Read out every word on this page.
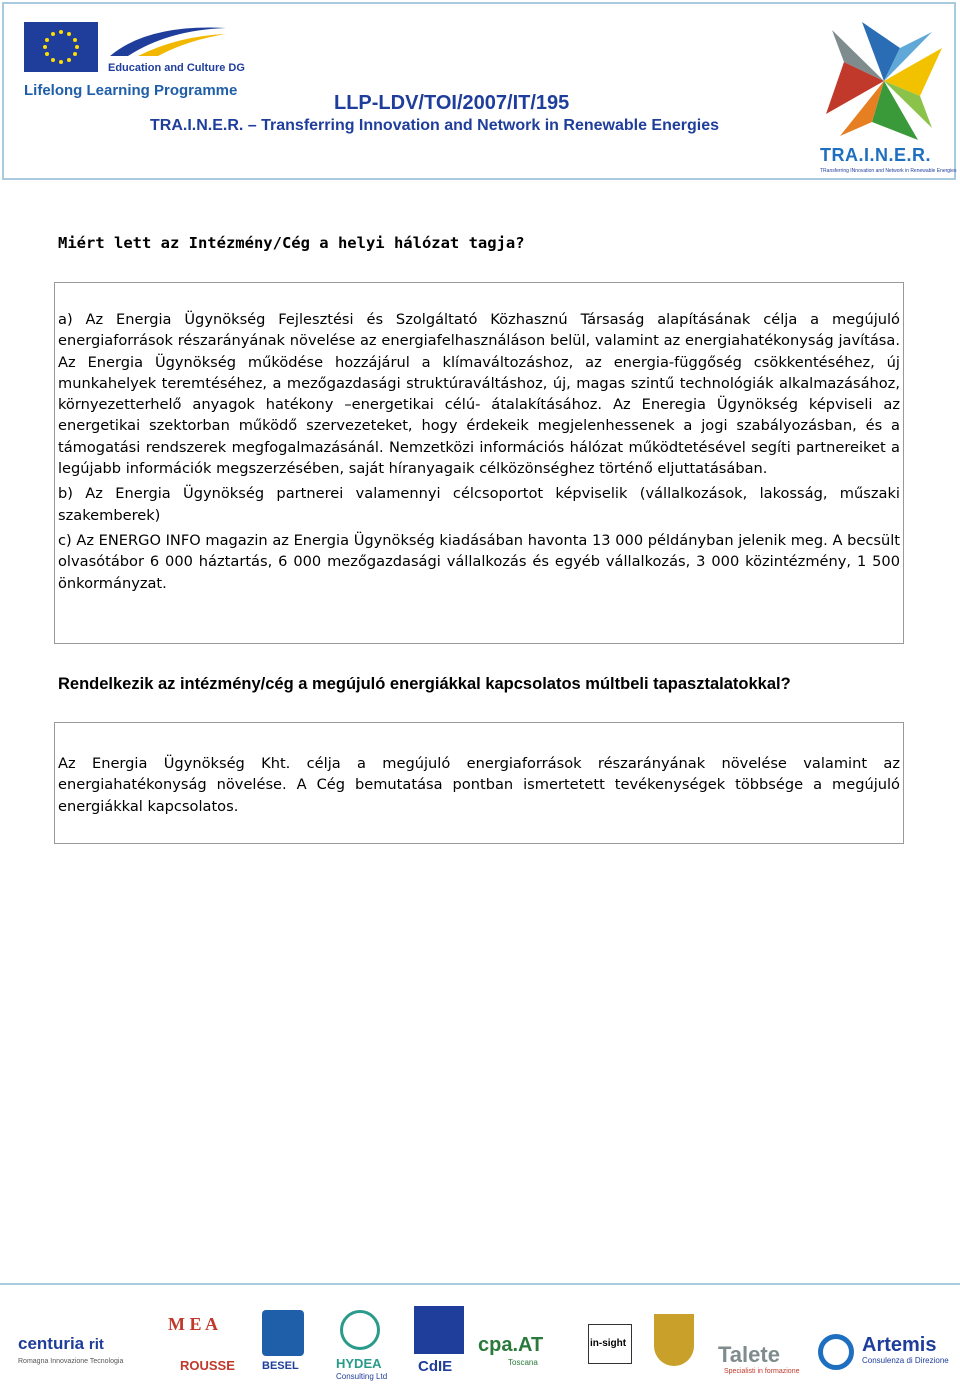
Education and Culture DG
Lifelong Learning Programme
LLP-LDV/TOI/2007/IT/195
TRA.I.N.E.R. – Transferring Innovation and Network in Renewable Energies
TRA.I.N.E.R.
TRansferring INnovation and Network in Renewable Energies
Miért lett az Intézmény/Cég a helyi hálózat tagja?

a) Az Energia Ügynökség Fejlesztési és Szolgáltató Közhasznú Társaság alapításának célja a megújuló energiaforrások részarányának növelése az energiafelhasználáson belül, valamint az energiahatékonyság javítása. Az Energia Ügynökség működése hozzájárul a klímaváltozáshoz, az energia-függőség csökkentéséhez, új munkahelyek teremtéséhez, a mezőgazdasági struktúraváltáshoz, új, magas szintű technológiák alkalmazásához, környezetterhelő anyagok hatékony –energetikai célú- átalakításához. Az Eneregia Ügynökség képviseli az energetikai szektorban működő szervezeteket, hogy érdekeik megjelenhessenek a jogi szabályozásban, és a támogatási rendszerek megfogalmazásánál. Nemzetközi információs hálózat működtetésével segíti partnereiket a legújabb információk megszerzésében, saját híranyagaik célközönséghez történő eljuttatásában.

b) Az Energia Ügynökség partnerei valamennyi célcsoportot képviselik (vállalkozások, lakosság, műszaki szakemberek)

c) Az ENERGO INFO magazin az Energia Ügynökség kiadásában havonta 13 000 példányban jelenik meg. A becsült olvasótábor 6 000 háztartás, 6 000 mezőgazdasági vállalkozás és egyéb vállalkozás, 3 000 közintézmény, 1 500 önkormányzat.

Rendelkezik az intézmény/cég a megújuló energiákkal kapcsolatos múltbeli tapasztalatokkal?

Az Energia Ügynökség Kht. célja a megújuló energiaforrások részarányának növelése valamint az energiahatékonyság növelése. A Cég bemutatása pontban ismertetett tevékenységek többsége a megújuló energiákkal kapcsolatos.

centuria rit
Romagna Innovazione Tecnologia
M E A
ROUSSE BESEL	HYDEA
Consulting Ltd
CdIE
cpa.AT
Toscana
in-sight	Talete
Specialisti in formazione
Artemis
Consulenza di Direzione
